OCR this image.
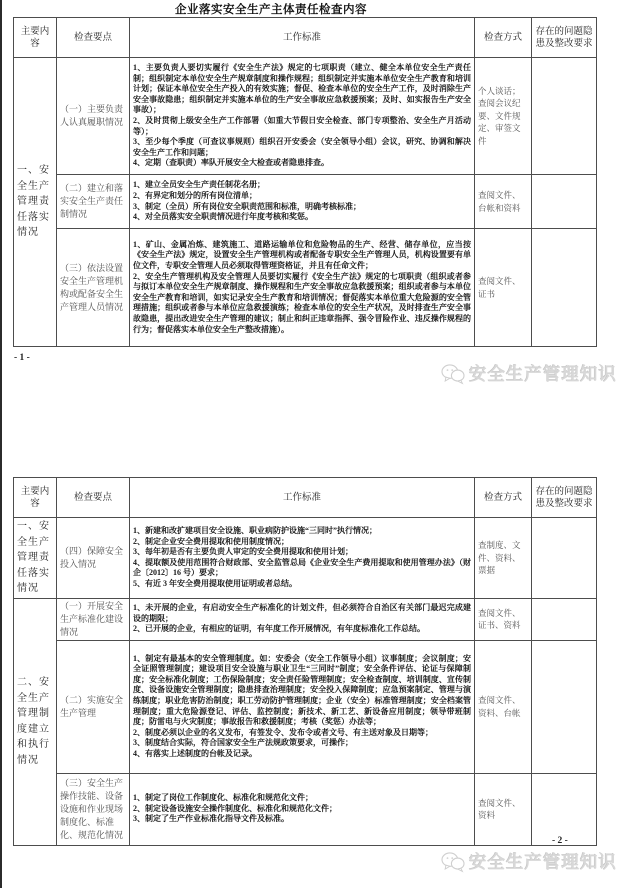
企业落实安全生产主体责任检查内容
主要内容	检查要点	工作标准	检查方式	存在的问题隐患及整改要求
一、安全生产管理责任落实情况	（一）主要负责人认真履职情况	1、主要负责人要切实履行《安全生产法》规定的七项职责（建立、健全本单位安全生产责任制；组织制定本单位安全生产规章制度和操作规程；组织制定并实施本单位安全生产教育和培训计划；保证本单位安全生产投入的有效实施；督促、检查本单位的安全生产工作，及时消除生产安全事故隐患；组织制定并实施本单位的生产安全事故应急救援预案；及时、如实报告生产安全事故）；
2、及时贯彻上级安全生产工作部署（如重大节假日安全检查、部门专项整治、安全生产月活动等）；
3、至少每个季度（可查议事规则）组织召开安委会（安全领导小组）会议，研究、协调和解决安全生产工作和问题；
4、定期（查职责）率队开展安全大检查或者隐患排查。	个人谈话；查阅会议纪要、文件规定、审签文件	
	（二）建立和落实安全生产责任制情况	1、建立全员安全生产责任制花名册；
2、有界定和划分的所有岗位清单；
3、制定（全员）所有岗位安全职责范围和标准，明确考核标准；
4、对全员落实安全职责情况进行年度考核和奖惩。	查阅文件、台帐和资料	
	（三）依法设置安全生产管理机构或配备安全生产管理人员情况	1、矿山、金属冶炼、建筑施工、道路运输单位和危险物品的生产、经营、储存单位，应当按《安全生产法》规定，设置安全生产管理机构或者配备专职安全生产管理人员，机构设置要有单位文件，专职安全管理人员必须取得管理资格证，并且有任命文件；
2、安全生产管理机构及安全管理人员要切实履行《安全生产法》规定的七项职责（组织或者参与拟订本单位安全生产规章制度、操作规程和生产安全事故应急救援预案；组织或者参与本单位安全生产教育和培训，如实记录安全生产教育和培训情况；督促落实本单位重大危险源的安全管理措施；组织或者参与本单位应急救援演练；检查本单位的安全生产状况，及时排查生产安全事故隐患，提出改进安全生产管理的建议；制止和纠正违章指挥、强令冒险作业、违反操作规程的行为；督促落实本单位安全生产整改措施）。	查阅文件、证书	
- 1 -
安全生产管理知识
主要内容	检查要点	工作标准	检查方式	存在的问题隐患及整改要求
一、安全生产管理责任落实情况	（四）保障安全投入情况	1、新建和改扩建项目安全设施、职业病防护设施“三同时”执行情况；
2、制定企业安全费用提取和使用制度情况；
3、每年初是否有主要负责人审定的安全费用提取和使用计划；
4、提取额及使用范围符合财政部、安全监管总局《企业安全生产费用提取和使用管理办法》（财企〔2012〕16 号）要求；
5、有近 3 年安全费用提取使用证明或者总结。	查制度、文件、资料、票据	
二、安全生产管理制度建立和执行情况	（一）开展安全生产标准化建设情况	1、未开展的企业，有启动安全生产标准化的计划文件，但必须符合自治区有关部门最迟完成建设的期限；
2、已开展的企业，有相应的证明，有年度工作开展情况，有年度标准化工作总结。	查阅文件、证书、资料	
	（二）实施安全生产管理	1、制定有最基本的安全管理制度。如：安委会（安全工作领导小组）议事制度；会议制度；安全证照管理制度；建设项目安全设施与职业卫生“三同时”制度；安全条件评估、论证与保障制度；安全标准化制度；工伤保险制度；安全责任险管理制度；安全检查制度、培训制度、宣传制度、设备设施安全管理制度；隐患排查治理制度；安全投入保障制度；应急预案制定、管理与演练制度；职业危害防治制度；职工劳动防护管理制度；企业（安全）标准管理制度；安全档案管理制度；重大危险源登记、评估、监控制度；新技术、新工艺、新设备应用制度；领导带班制度；防雷电与火灾制度；事故报告和救援制度；考核（奖惩）办法等；
2、制度必须以企业的名义发布，有签发令、发布令或者文号、有主送对象及日期等；
3、制度结合实际，符合国家安全生产法规政策要求，可操作；
4、有落实上述制度的台帐及记录。	查阅文件、资料、台帐	
	（三）安全生产操作技能、设备设施和作业现场制度化、标准化、规范化情况	1、制定了岗位工作制度化、标准化和规范化文件；
2、制定设备设施安全操作制度化、标准化和规范化文件；
3、制定了生产作业标准化指导文件及标准。	查阅文件、资料	
- 2 -
安全生产管理知识
